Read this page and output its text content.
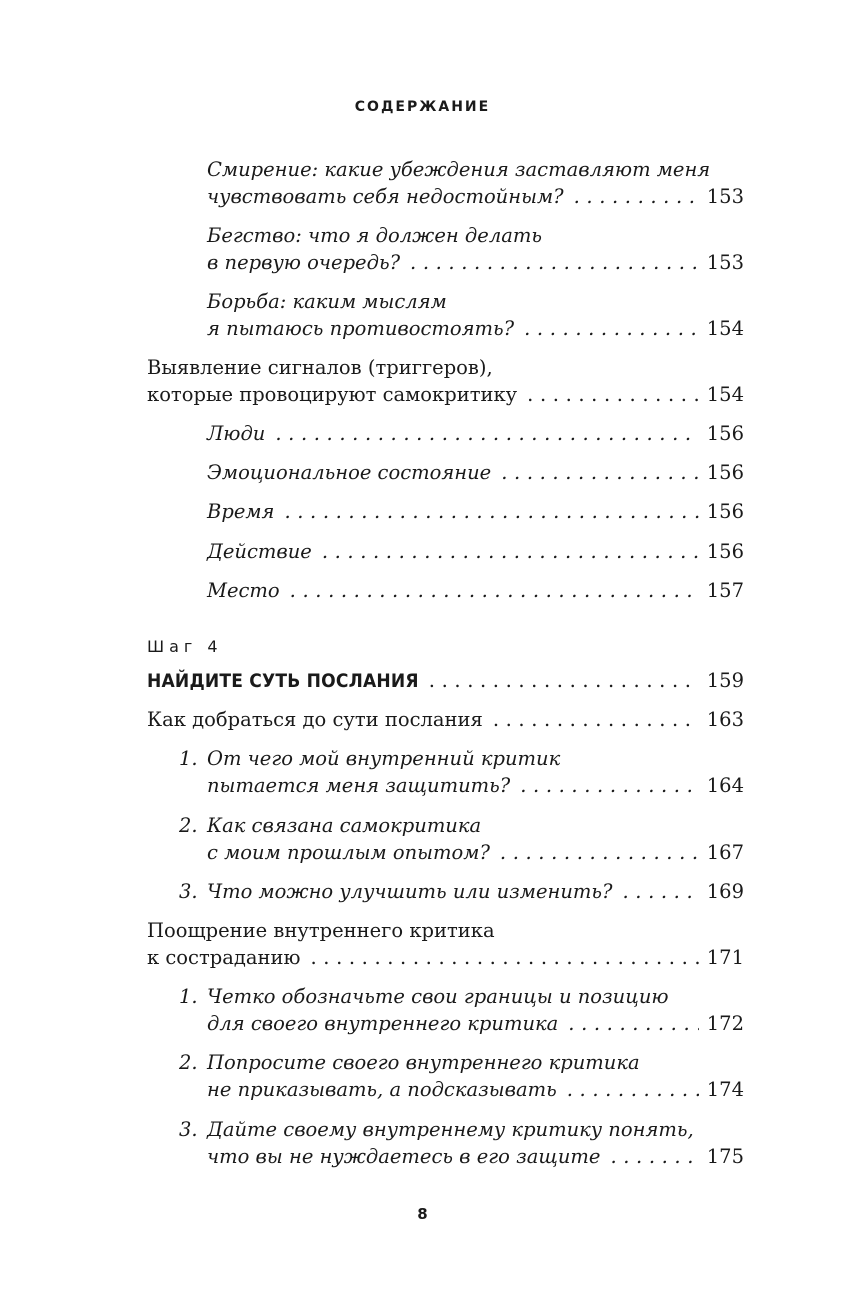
СОДЕРЖАНИЕ
Смирение: какие убеждения заставляют меня
чувствовать себя недостойным? . . .	153
Бегство: что я должен делать
в первую очередь? . . .	153
Борьба: каким мыслям
я пытаюсь противостоять? . . .	154
Выявление сигналов (триггеров),
которые провоцируют самокритику . . .	154
Люди . . .	156
Эмоциональное состояние . . .	156
Время . . .	156
Действие . . .	156
Место . . .	157
Шаг 4
НАЙДИТЕ СУТЬ ПОСЛАНИЯ . . .	159
Как добраться до сути послания . . .	163
1. От чего мой внутренний критик
пытается меня защитить? . . .	164
2. Как связана самокритика
с моим прошлым опытом? . . .	167
3. Что можно улучшить или изменить? . . .	169
Поощрение внутреннего критика
к состраданию . . .	171
1. Четко обозначьте свои границы и позицию
для своего внутреннего критика . . .	172
2. Попросите своего внутреннего критика
не приказывать, а подсказывать . . .	174
3. Дайте своему внутреннему критику понять,
что вы не нуждаетесь в его защите . . .	175
8
